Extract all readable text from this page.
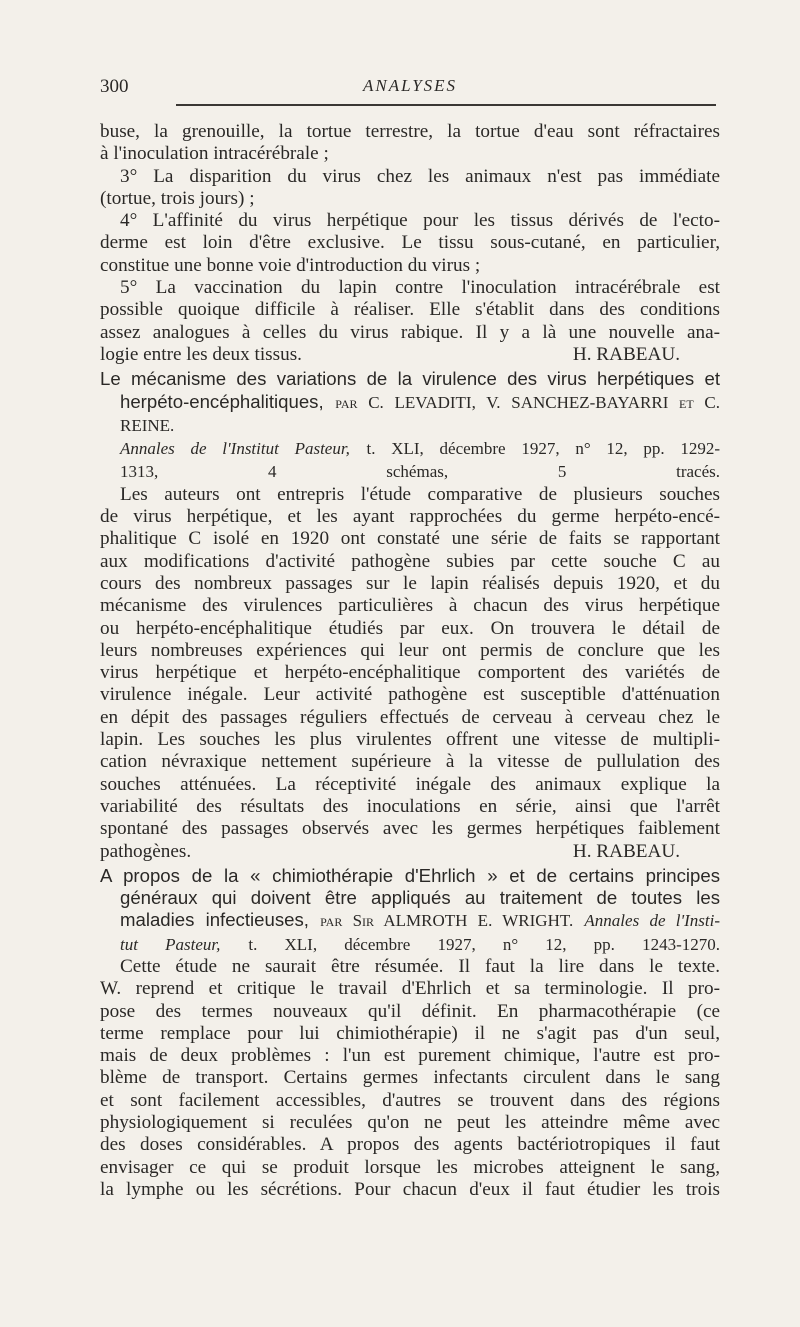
300	ANALYSES

buse, la grenouille, la tortue terrestre, la tortue d'eau sont réfractaires

à l'inoculation intracérébrale ;

3° La disparition du virus chez les animaux n'est pas immédiate

(tortue, trois jours) ;

4° L'affinité du virus herpétique pour les tissus dérivés de l'ecto-

derme est loin d'être exclusive. Le tissu sous-cutané, en particulier,

constitue une bonne voie d'introduction du virus ;

5° La vaccination du lapin contre l'inoculation intracérébrale est

possible quoique difficile à réaliser. Elle s'établit dans des conditions

assez analogues à celles du virus rabique. Il y a là une nouvelle ana-

logie entre les deux tissus.	H. RABEAU.

Le mécanisme des variations de la virulence des virus herpétiques et
herpéto-encéphalitiques, par C. LEVADITI, V. SANCHEZ-BAYARRI et C. REINE.
Annales de l'Institut Pasteur, t. XLI, décembre 1927, n° 12, pp. 1292-
1313, 4 schémas, 5 tracés.

Les auteurs ont entrepris l'étude comparative de plusieurs souches

de virus herpétique, et les ayant rapprochées du germe herpéto-encé-

phalitique C isolé en 1920 ont constaté une série de faits se rapportant

aux modifications d'activité pathogène subies par cette souche C au

cours des nombreux passages sur le lapin réalisés depuis 1920, et du

mécanisme des virulences particulières à chacun des virus herpétique

ou herpéto-encéphalitique étudiés par eux. On trouvera le détail de

leurs nombreuses expériences qui leur ont permis de conclure que les

virus herpétique et herpéto-encéphalitique comportent des variétés de

virulence inégale. Leur activité pathogène est susceptible d'atténuation

en dépit des passages réguliers effectués de cerveau à cerveau chez le

lapin. Les souches les plus virulentes offrent une vitesse de multipli-

cation névraxique nettement supérieure à la vitesse de pullulation des

souches atténuées. La réceptivité inégale des animaux explique la

variabilité des résultats des inoculations en série, ainsi que l'arrêt

spontané des passages observés avec les germes herpétiques faiblement

pathogènes.	H. RABEAU.

A propos de la « chimiothérapie d'Ehrlich » et de certains principes
généraux qui doivent être appliqués au traitement de toutes les
maladies infectieuses, par Sir ALMROTH E. WRIGHT. Annales de l'Insti-
tut Pasteur, t. XLI, décembre 1927, n° 12, pp. 1243-1270.

Cette étude ne saurait être résumée. Il faut la lire dans le texte.

W. reprend et critique le travail d'Ehrlich et sa terminologie. Il pro-

pose des termes nouveaux qu'il définit. En pharmacothérapie (ce

terme remplace pour lui chimiothérapie) il ne s'agit pas d'un seul,

mais de deux problèmes : l'un est purement chimique, l'autre est pro-

blème de transport. Certains germes infectants circulent dans le sang

et sont facilement accessibles, d'autres se trouvent dans des régions

physiologiquement si reculées qu'on ne peut les atteindre même avec

des doses considérables. A propos des agents bactériotropiques il faut

envisager ce qui se produit lorsque les microbes atteignent le sang,

la lymphe ou les sécrétions. Pour chacun d'eux il faut étudier les trois
